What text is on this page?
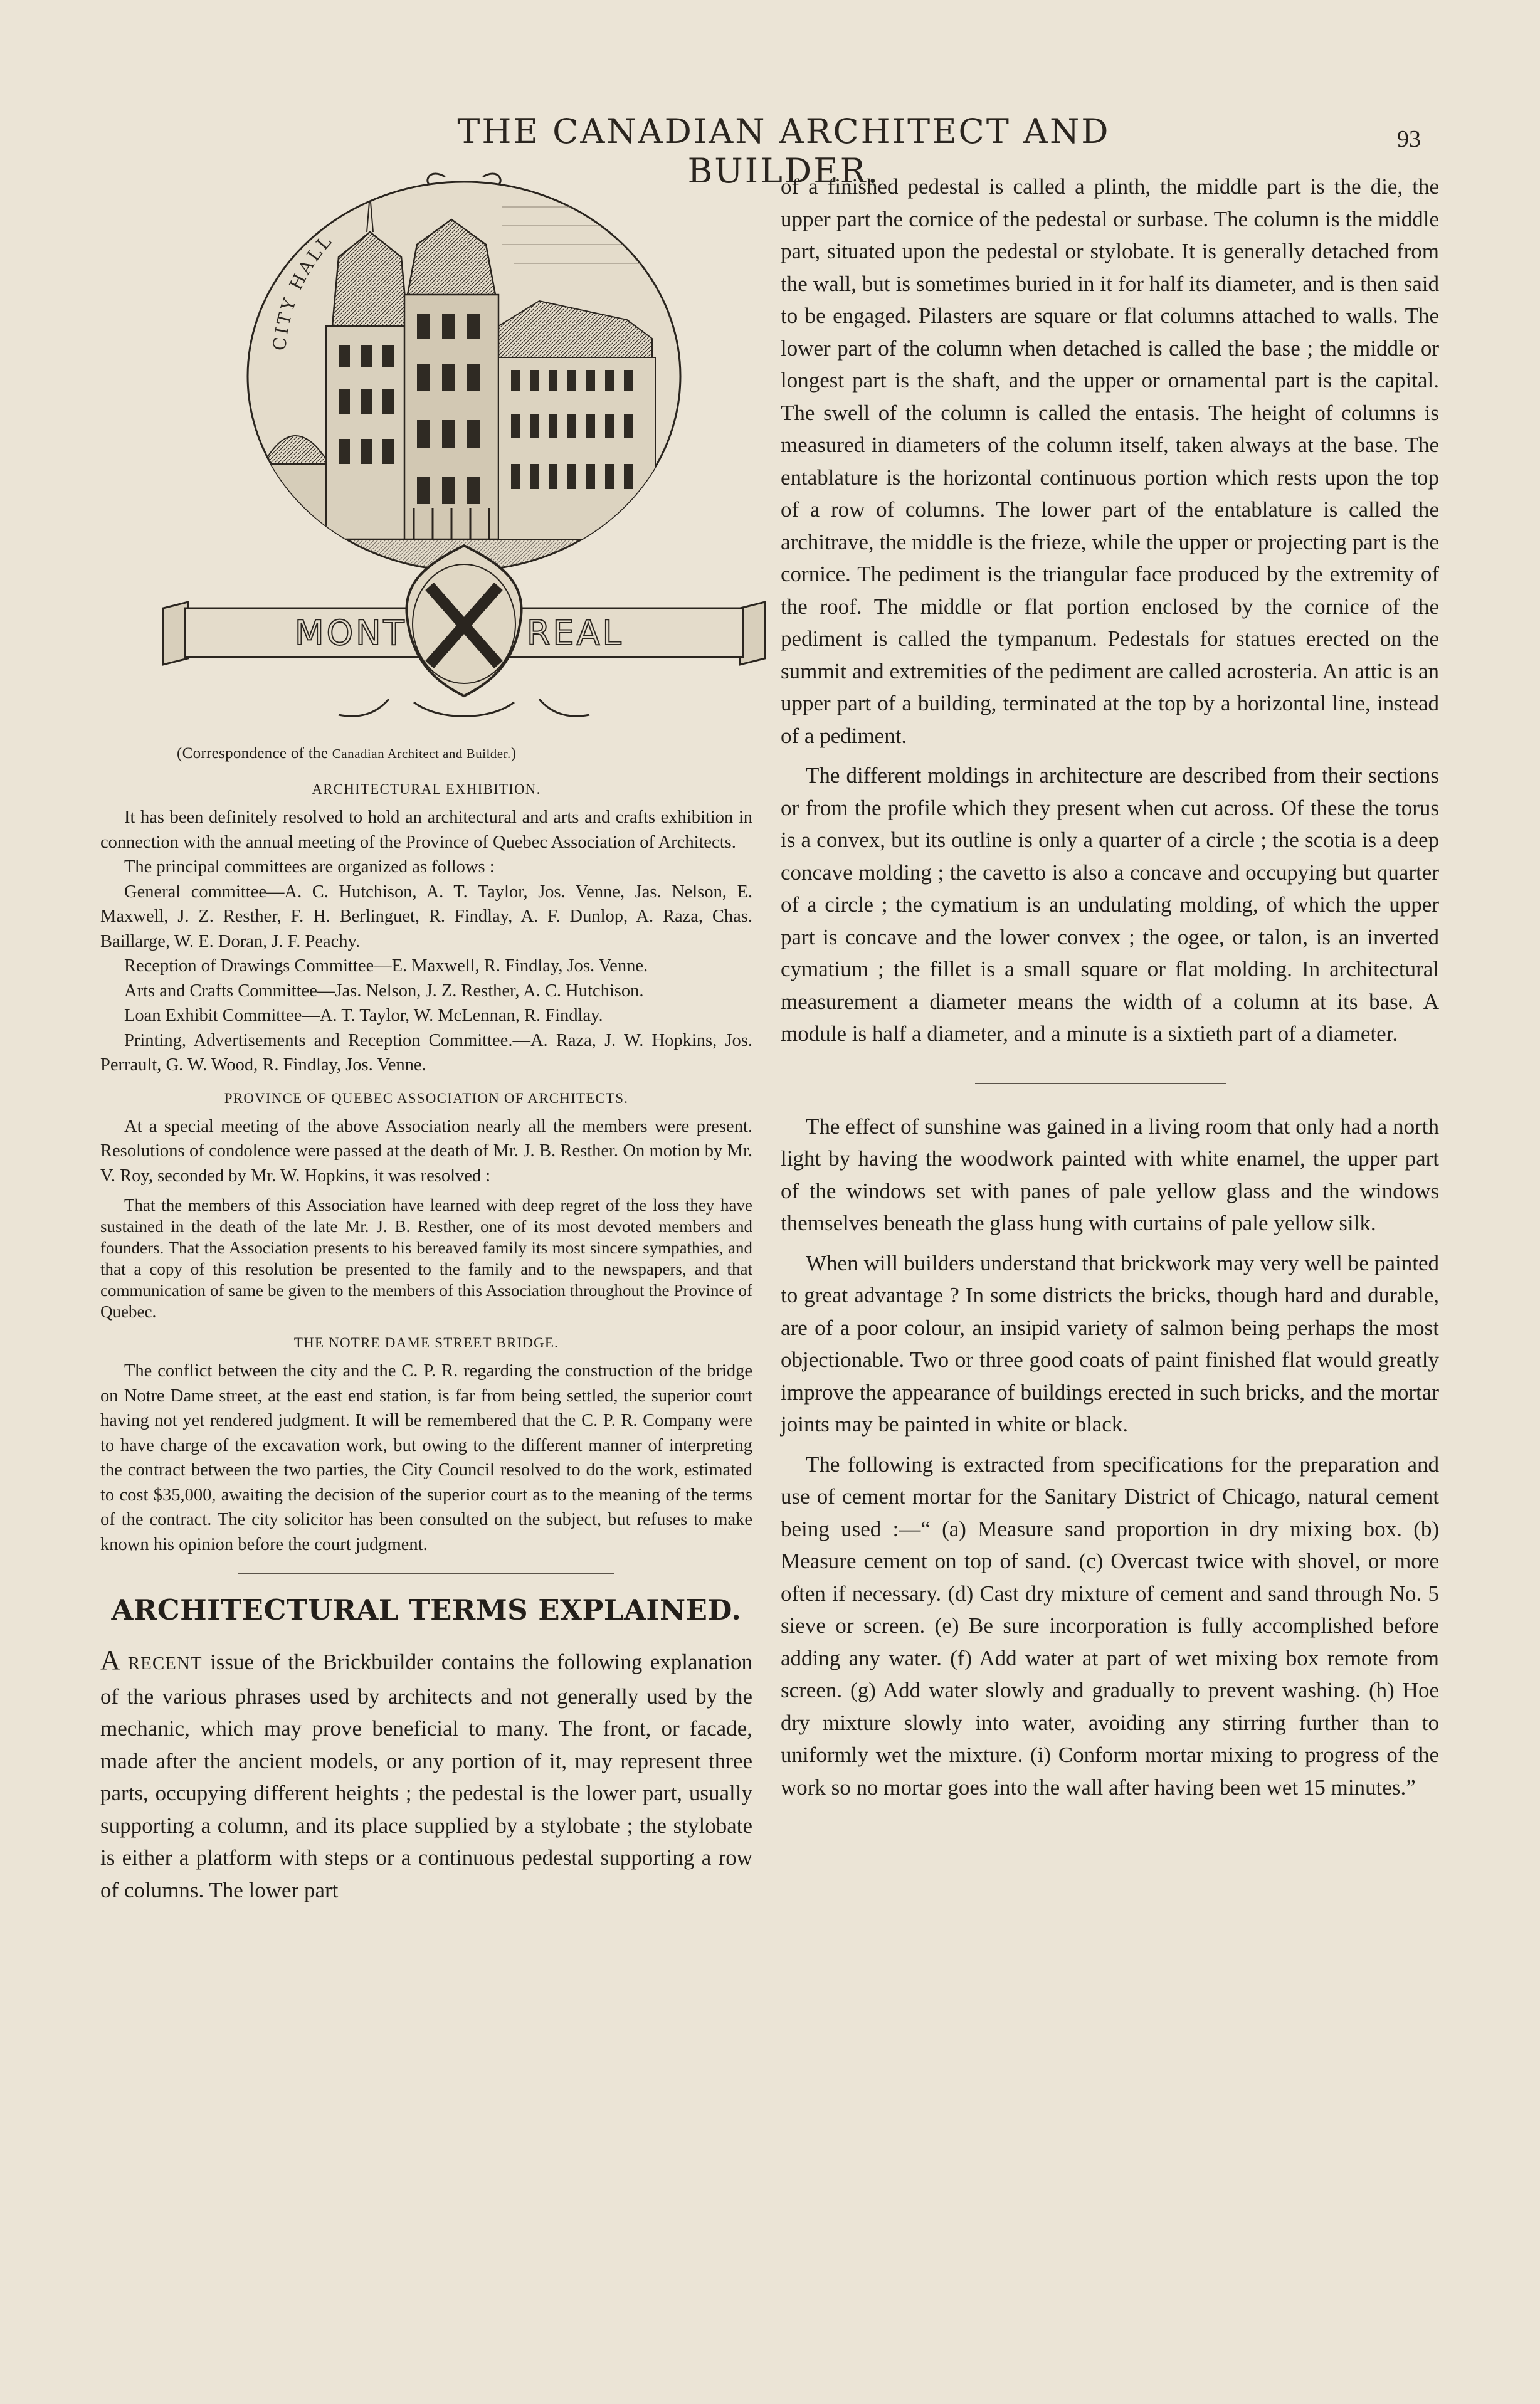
THE CANADIAN ARCHITECT AND BUILDER.
93
CITY HALL
MONT	REAL
(Correspondence of the Canadian Architect and Builder.)
ARCHITECTURAL EXHIBITION.

It has been definitely resolved to hold an architectural and arts and crafts exhibition in connection with the annual meeting of the Province of Quebec Association of Architects.

The principal committees are organized as follows :

General committee—A. C. Hutchison, A. T. Taylor, Jos. Venne, Jas. Nelson, E. Maxwell, J. Z. Resther, F. H. Berlinguet, R. Findlay, A. F. Dunlop, A. Raza, Chas. Baillarge, W. E. Doran, J. F. Peachy.

Reception of Drawings Committee—E. Maxwell, R. Findlay, Jos. Venne.

Arts and Crafts Committee—Jas. Nelson, J. Z. Resther, A. C. Hutchison.

Loan Exhibit Committee—A. T. Taylor, W. McLennan, R. Findlay.

Printing, Advertisements and Reception Committee.—A. Raza, J. W. Hopkins, Jos. Perrault, G. W. Wood, R. Findlay, Jos. Venne.

PROVINCE OF QUEBEC ASSOCIATION OF ARCHITECTS.

At a special meeting of the above Association nearly all the members were present. Resolutions of condolence were passed at the death of Mr. J. B. Resther. On motion by Mr. V. Roy, seconded by Mr. W. Hopkins, it was resolved :

That the members of this Association have learned with deep regret of the loss they have sustained in the death of the late Mr. J. B. Resther, one of its most devoted members and founders. That the Association presents to his bereaved family its most sincere sympathies, and that a copy of this resolution be presented to the family and to the newspapers, and that communication of same be given to the members of this Association throughout the Province of Quebec.

THE NOTRE DAME STREET BRIDGE.

The conflict between the city and the C. P. R. regarding the construction of the bridge on Notre Dame street, at the east end station, is far from being settled, the superior court having not yet rendered judgment. It will be remembered that the C. P. R. Company were to have charge of the excavation work, but owing to the different manner of interpreting the contract between the two parties, the City Council resolved to do the work, estimated to cost $35,000, awaiting the decision of the superior court as to the meaning of the terms of the contract. The city solicitor has been consulted on the subject, but refuses to make known his opinion before the court judgment.

ARCHITECTURAL TERMS EXPLAINED.

A RECENT issue of the Brickbuilder contains the following explanation of the various phrases used by architects and not generally used by the mechanic, which may prove beneficial to many. The front, or facade, made after the ancient models, or any portion of it, may represent three parts, occupying different heights ; the pedestal is the lower part, usually supporting a column, and its place supplied by a stylobate ; the stylobate is either a platform with steps or a continuous pedestal supporting a row of columns. The lower part

of a finished pedestal is called a plinth, the middle part is the die, the upper part the cornice of the pedestal or surbase. The column is the middle part, situated upon the pedestal or stylobate. It is generally detached from the wall, but is sometimes buried in it for half its diameter, and is then said to be engaged. Pilasters are square or flat columns attached to walls. The lower part of the column when detached is called the base ; the middle or longest part is the shaft, and the upper or ornamental part is the capital. The swell of the column is called the entasis. The height of columns is measured in diameters of the column itself, taken always at the base. The entablature is the horizontal continuous portion which rests upon the top of a row of columns. The lower part of the entablature is called the architrave, the middle is the frieze, while the upper or projecting part is the cornice. The pediment is the triangular face produced by the extremity of the roof. The middle or flat portion enclosed by the cornice of the pediment is called the tympanum. Pedestals for statues erected on the summit and extremities of the pediment are called acrosteria. An attic is an upper part of a building, terminated at the top by a horizontal line, instead of a pediment.

The different moldings in architecture are described from their sections or from the profile which they present when cut across. Of these the torus is a convex, but its outline is only a quarter of a circle ; the scotia is a deep concave molding ; the cavetto is also a concave and occupying but quarter of a circle ; the cymatium is an undulating molding, of which the upper part is concave and the lower convex ; the ogee, or talon, is an inverted cymatium ; the fillet is a small square or flat molding. In architectural measurement a diameter means the width of a column at its base. A module is half a diameter, and a minute is a sixtieth part of a diameter.

The effect of sunshine was gained in a living room that only had a north light by having the woodwork painted with white enamel, the upper part of the windows set with panes of pale yellow glass and the windows themselves beneath the glass hung with curtains of pale yellow silk.

When will builders understand that brickwork may very well be painted to great advantage ? In some districts the bricks, though hard and durable, are of a poor colour, an insipid variety of salmon being perhaps the most objectionable. Two or three good coats of paint finished flat would greatly improve the appearance of buildings erected in such bricks, and the mortar joints may be painted in white or black.

The following is extracted from specifications for the preparation and use of cement mortar for the Sanitary District of Chicago, natural cement being used :—“ (a) Measure sand proportion in dry mixing box. (b) Measure cement on top of sand. (c) Overcast twice with shovel, or more often if necessary. (d) Cast dry mixture of cement and sand through No. 5 sieve or screen. (e) Be sure incorporation is fully accomplished before adding any water. (f) Add water at part of wet mixing box remote from screen. (g) Add water slowly and gradually to prevent washing. (h) Hoe dry mixture slowly into water, avoiding any stirring further than to uniformly wet the mixture. (i) Conform mortar mixing to progress of the work so no mortar goes into the wall after having been wet 15 minutes.”
